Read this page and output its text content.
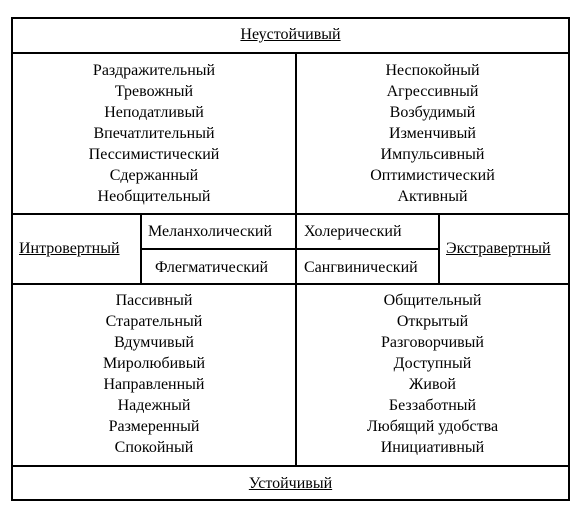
Неустойчивый
Раздражительный
Тревожный
Неподатливый
Впечатлительный
Пессимистический
Сдержанный
Необщительный
Неспокойный
Агрессивный
Возбудимый
Изменчивый
Импульсивный
Оптимистический
Активный
Интровертный
Меланхолический
Флегматический
Холерический
Сангвинический
Экстравертный
Пассивный
Старательный
Вдумчивый
Миролюбивый
Направленный
Надежный
Размеренный
Спокойный
Общительный
Открытый
Разговорчивый
Доступный
Живой
Беззаботный
Любящий удобства
Инициативный
Устойчивый
